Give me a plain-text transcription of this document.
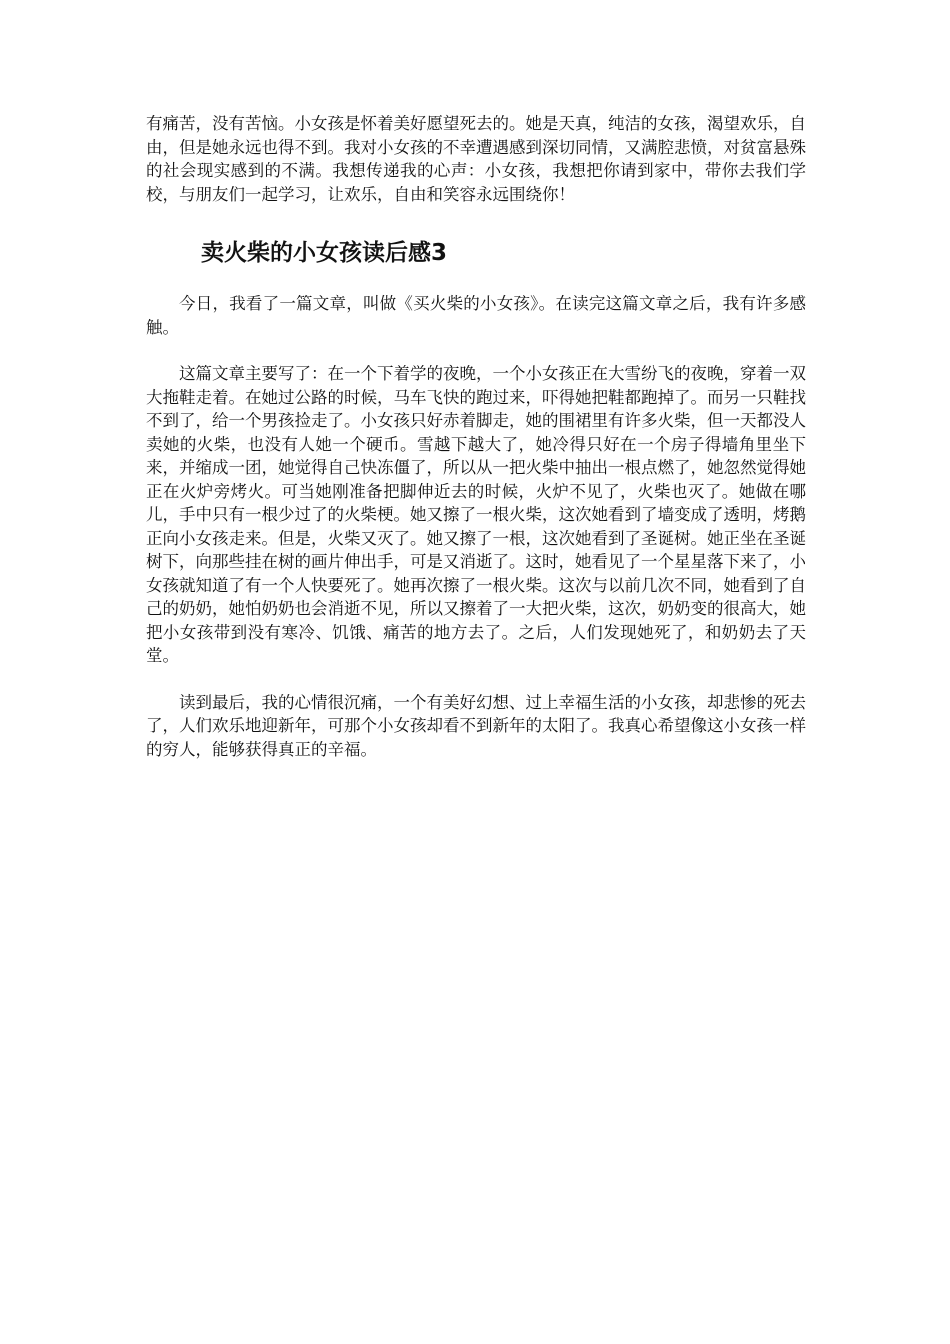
有痛苦，没有苦恼。小女孩是怀着美好愿望死去的。她是天真，纯洁的女孩，渴望欢乐，自由，但是她永远也得不到。我对小女孩的不幸遭遇感到深切同情，又满腔悲愤，对贫富悬殊的社会现实感到的不满。我想传递我的心声：小女孩，我想把你请到家中，带你去我们学校，与朋友们一起学习，让欢乐，自由和笑容永远围绕你！

卖火柴的小女孩读后感3

今日，我看了一篇文章，叫做《买火柴的小女孩》。在读完这篇文章之后，我有许多感触。

这篇文章主要写了：在一个下着学的夜晚，一个小女孩正在大雪纷飞的夜晚，穿着一双大拖鞋走着。在她过公路的时候，马车飞快的跑过来，吓得她把鞋都跑掉了。而另一只鞋找不到了，给一个男孩捡走了。小女孩只好赤着脚走，她的围裙里有许多火柴，但一天都没人卖她的火柴，也没有人她一个硬币。雪越下越大了，她冷得只好在一个房子得墙角里坐下来，并缩成一团，她觉得自己快冻僵了，所以从一把火柴中抽出一根点燃了，她忽然觉得她正在火炉旁烤火。可当她刚准备把脚伸近去的时候，火炉不见了，火柴也灭了。她做在哪儿，手中只有一根少过了的火柴梗。她又擦了一根火柴，这次她看到了墙变成了透明，烤鹅正向小女孩走来。但是，火柴又灭了。她又擦了一根，这次她看到了圣诞树。她正坐在圣诞树下，向那些挂在树的画片伸出手，可是又消逝了。这时，她看见了一个星星落下来了，小女孩就知道了有一个人快要死了。她再次擦了一根火柴。这次与以前几次不同，她看到了自己的奶奶，她怕奶奶也会消逝不见，所以又擦着了一大把火柴，这次，奶奶变的很高大，她把小女孩带到没有寒冷、饥饿、痛苦的地方去了。之后，人们发现她死了，和奶奶去了天堂。

读到最后，我的心情很沉痛，一个有美好幻想、过上幸福生活的小女孩，却悲惨的死去了，人们欢乐地迎新年，可那个小女孩却看不到新年的太阳了。我真心希望像这小女孩一样的穷人，能够获得真正的辛福。
